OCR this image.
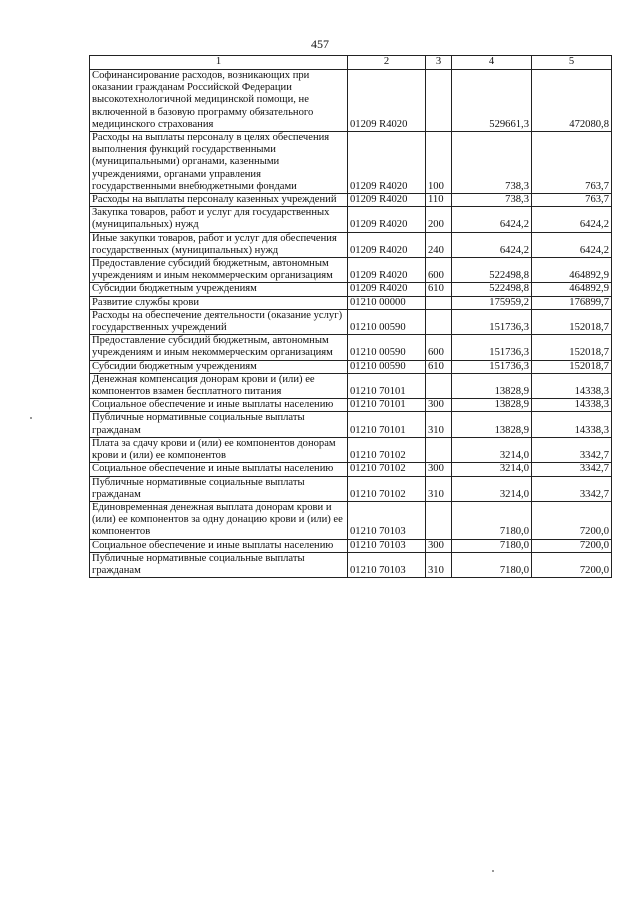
457
1	2	3	4	5
Софинансирование расходов, возникающих при оказании гражданам Российской Федерации высокотехнологичной медицинской помощи, не включенной в базовую программу обязательного медицинского страхования	01209 R4020		529661,3	472080,8
Расходы на выплаты персоналу в целях обеспечения выполнения функций государственными (муниципальными) органами, казенными учреждениями, органами управления государственными внебюджетными фондами	01209 R4020	100	738,3	763,7
Расходы на выплаты персоналу казенных учреждений	01209 R4020	110	738,3	763,7
Закупка товаров, работ и услуг для государственных (муниципальных) нужд	01209 R4020	200	6424,2	6424,2
Иные закупки товаров, работ и услуг для обеспечения государственных (муниципальных) нужд	01209 R4020	240	6424,2	6424,2
Предоставление субсидий бюджетным, автономным учреждениям и иным некоммерческим организациям	01209 R4020	600	522498,8	464892,9
Субсидии бюджетным учреждениям	01209 R4020	610	522498,8	464892,9
Развитие службы крови	01210 00000		175959,2	176899,7
Расходы на обеспечение деятельности (оказание услуг) государственных учреждений	01210 00590		151736,3	152018,7
Предоставление субсидий бюджетным, автономным учреждениям и иным некоммерческим организациям	01210 00590	600	151736,3	152018,7
Субсидии бюджетным учреждениям	01210 00590	610	151736,3	152018,7
Денежная компенсация донорам крови и (или) ее компонентов взамен бесплатного питания	01210 70101		13828,9	14338,3
Социальное обеспечение и иные выплаты населению	01210 70101	300	13828,9	14338,3
Публичные нормативные социальные выплаты гражданам	01210 70101	310	13828,9	14338,3
Плата за сдачу крови и (или) ее компонентов донорам крови и (или) ее компонентов	01210 70102		3214,0	3342,7
Социальное обеспечение и иные выплаты населению	01210 70102	300	3214,0	3342,7
Публичные нормативные социальные выплаты гражданам	01210 70102	310	3214,0	3342,7
Единовременная денежная выплата донорам крови и (или) ее компонентов за одну донацию крови и (или) ее компонентов	01210 70103		7180,0	7200,0
Социальное обеспечение и иные выплаты населению	01210 70103	300	7180,0	7200,0
Публичные нормативные социальные выплаты гражданам	01210 70103	310	7180,0	7200,0
